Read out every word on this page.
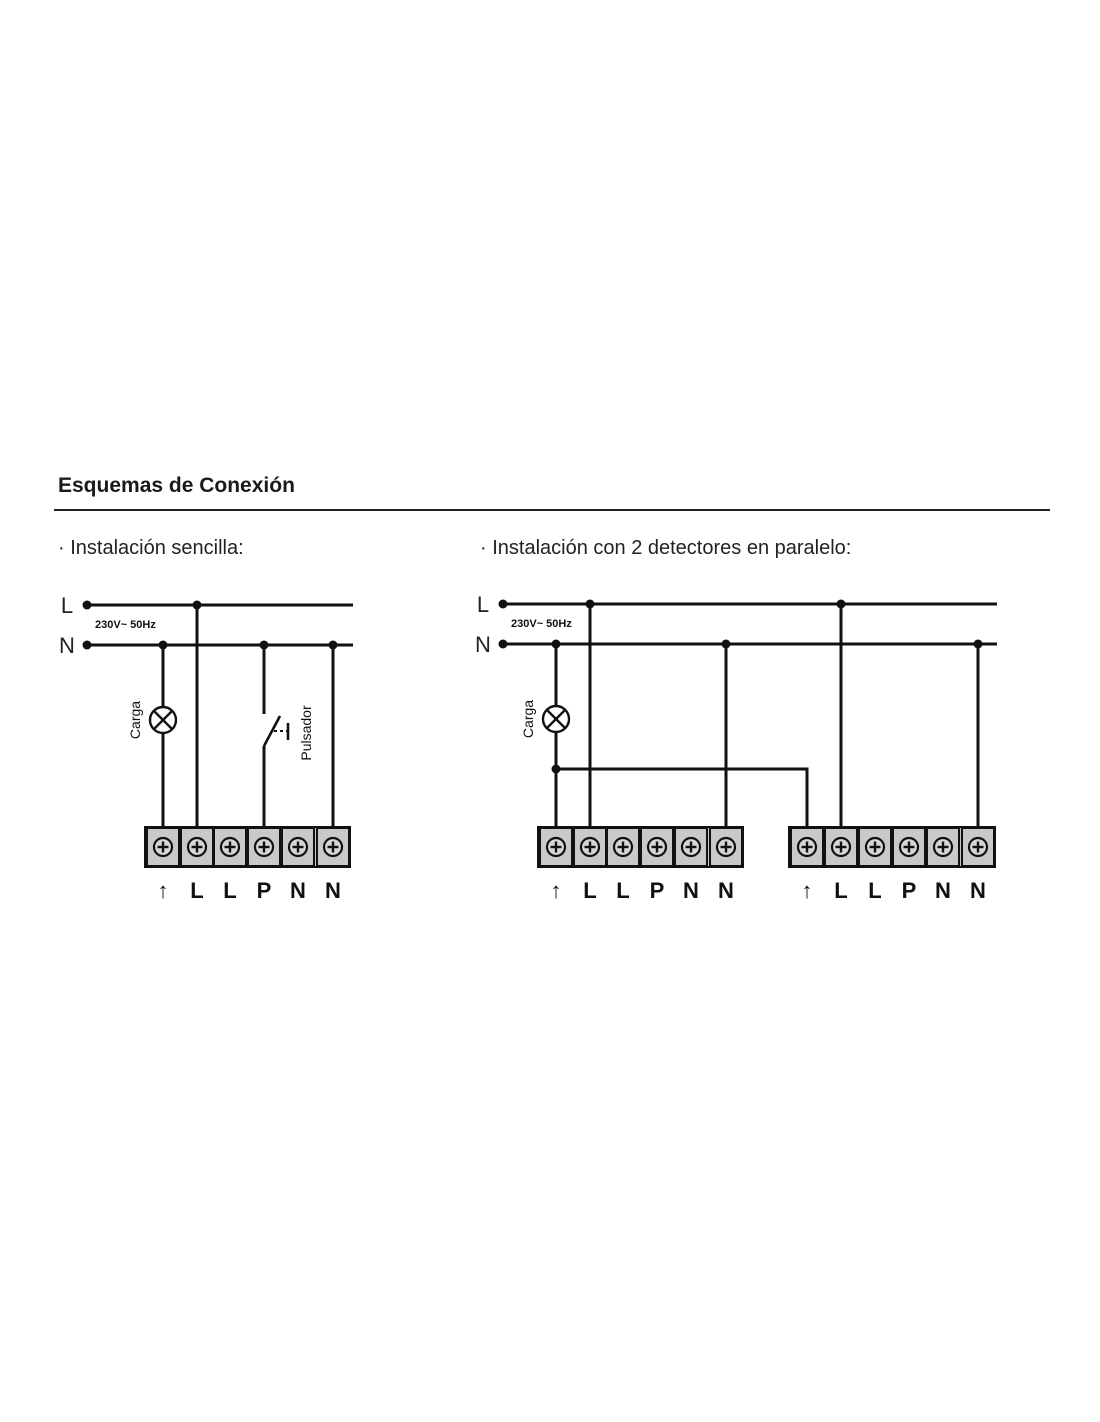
Esquemas de Conexión
· Instalación sencilla:	· Instalación con 2 detectores en paralelo:
L
N
230V~ 50Hz
Carga	Pulsador
↑ L L P N N
L
N
230V~ 50Hz
Carga
↑ L L P N N	↑ L L P N N
